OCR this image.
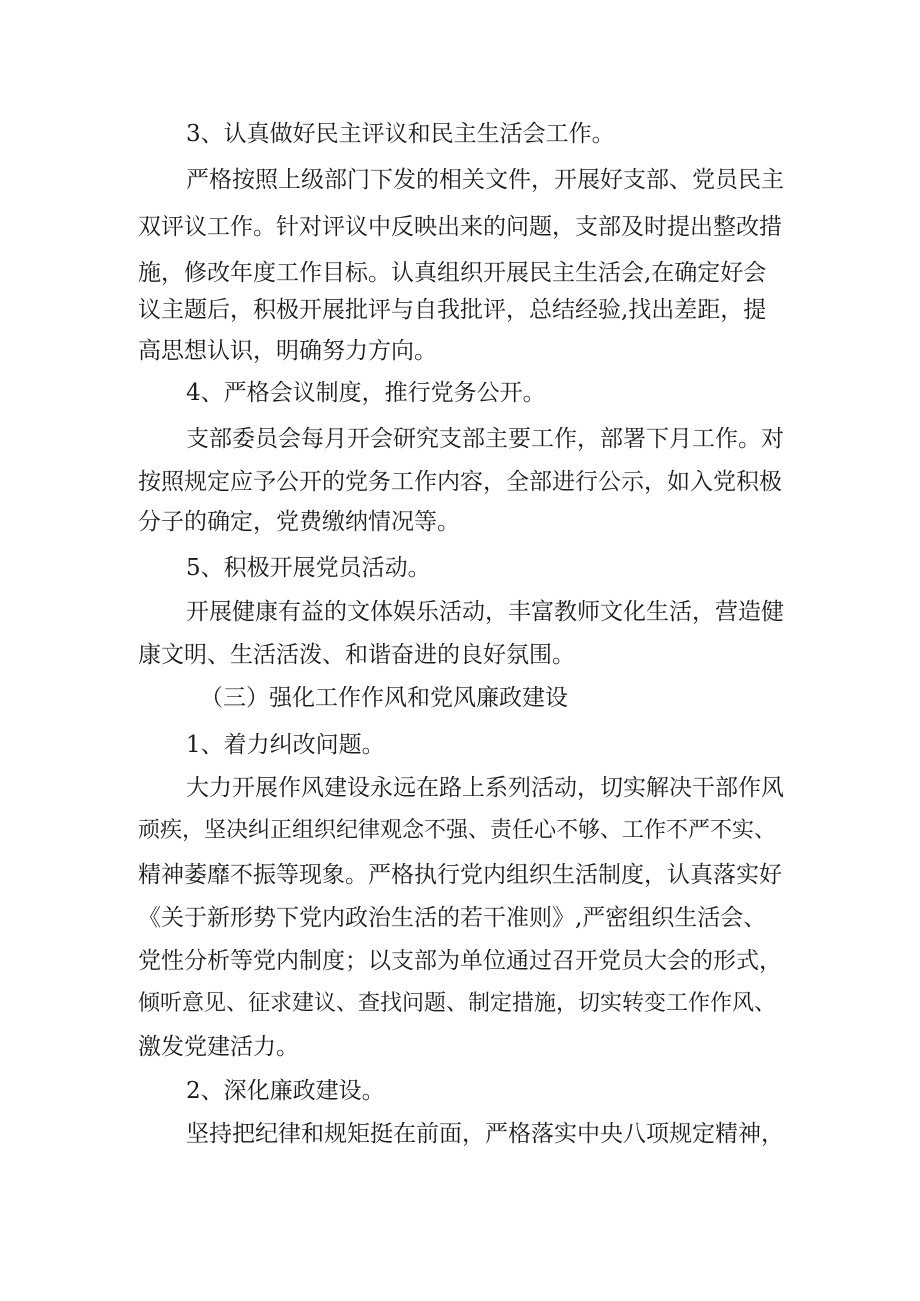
3、认真做好民主评议和民主生活会工作。
严格按照上级部门下发的相关文件，开展好支部、党员民主
双评议工作。针对评议中反映出来的问题，支部及时提出整改措
施，修改年度工作目标。认真组织开展民主生活会,在确定好会
议主题后，积极开展批评与自我批评，总结经验,找出差距，提
高思想认识，明确努力方向。
4、严格会议制度，推行党务公开。
支部委员会每月开会研究支部主要工作，部署下月工作。对
按照规定应予公开的党务工作内容，全部进行公示，如入党积极
分子的确定，党费缴纳情况等。
5、积极开展党员活动。
开展健康有益的文体娱乐活动，丰富教师文化生活，营造健
康文明、生活活泼、和谐奋进的良好氛围。
（三）强化工作作风和党风廉政建设
1、着力纠改问题。
大力开展作风建设永远在路上系列活动，切实解决干部作风
顽疾，坚决纠正组织纪律观念不强、责任心不够、工作不严不实、
精神萎靡不振等现象。严格执行党内组织生活制度，认真落实好
《关于新形势下党内政治生活的若干准则》,严密组织生活会、
党性分析等党内制度；以支部为单位通过召开党员大会的形式，
倾听意见、征求建议、查找问题、制定措施，切实转变工作作风、
激发党建活力。
2、深化廉政建设。
坚持把纪律和规矩挺在前面，严格落实中央八项规定精神，
